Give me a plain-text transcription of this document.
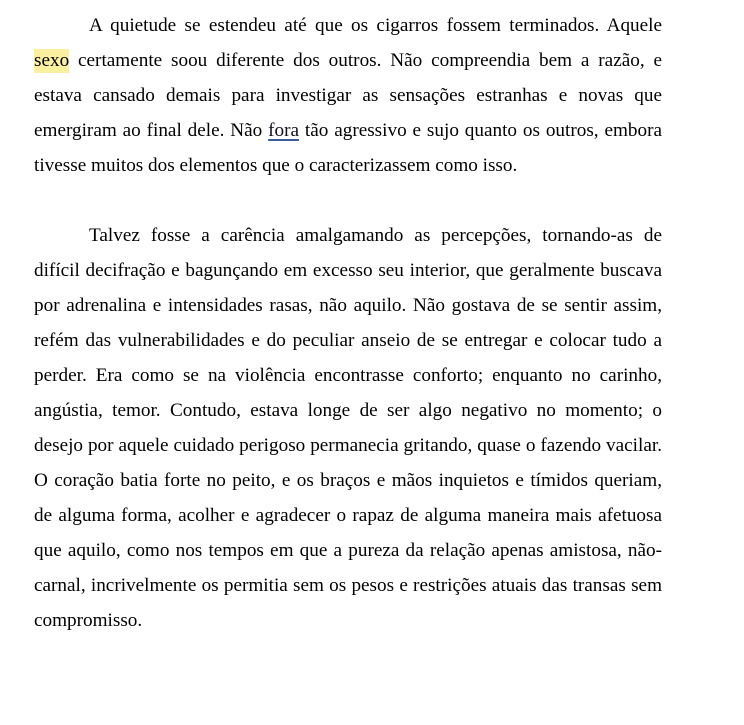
A quietude se estendeu até que os cigarros fossem terminados. Aquele sexo certamente soou diferente dos outros. Não compreendia bem a razão, e estava cansado demais para investigar as sensações estranhas e novas que emergiram ao final dele. Não fora tão agressivo e sujo quanto os outros, embora tivesse muitos dos elementos que o caracterizassem como isso.

Talvez fosse a carência amalgamando as percepções, tornando-as de difícil decifração e bagunçando em excesso seu interior, que geralmente buscava por adrenalina e intensidades rasas, não aquilo. Não gostava de se sentir assim, refém das vulnerabilidades e do peculiar anseio de se entregar e colocar tudo a perder. Era como se na violência encontrasse conforto; enquanto no carinho, angústia, temor. Contudo, estava longe de ser algo negativo no momento; o desejo por aquele cuidado perigoso permanecia gritando, quase o fazendo vacilar. O coração batia forte no peito, e os braços e mãos inquietos e tímidos queriam, de alguma forma, acolher e agradecer o rapaz de alguma maneira mais afetuosa que aquilo, como nos tempos em que a pureza da relação apenas amistosa, não-carnal, incrivelmente os permitia sem os pesos e restrições atuais das transas sem compromisso.
